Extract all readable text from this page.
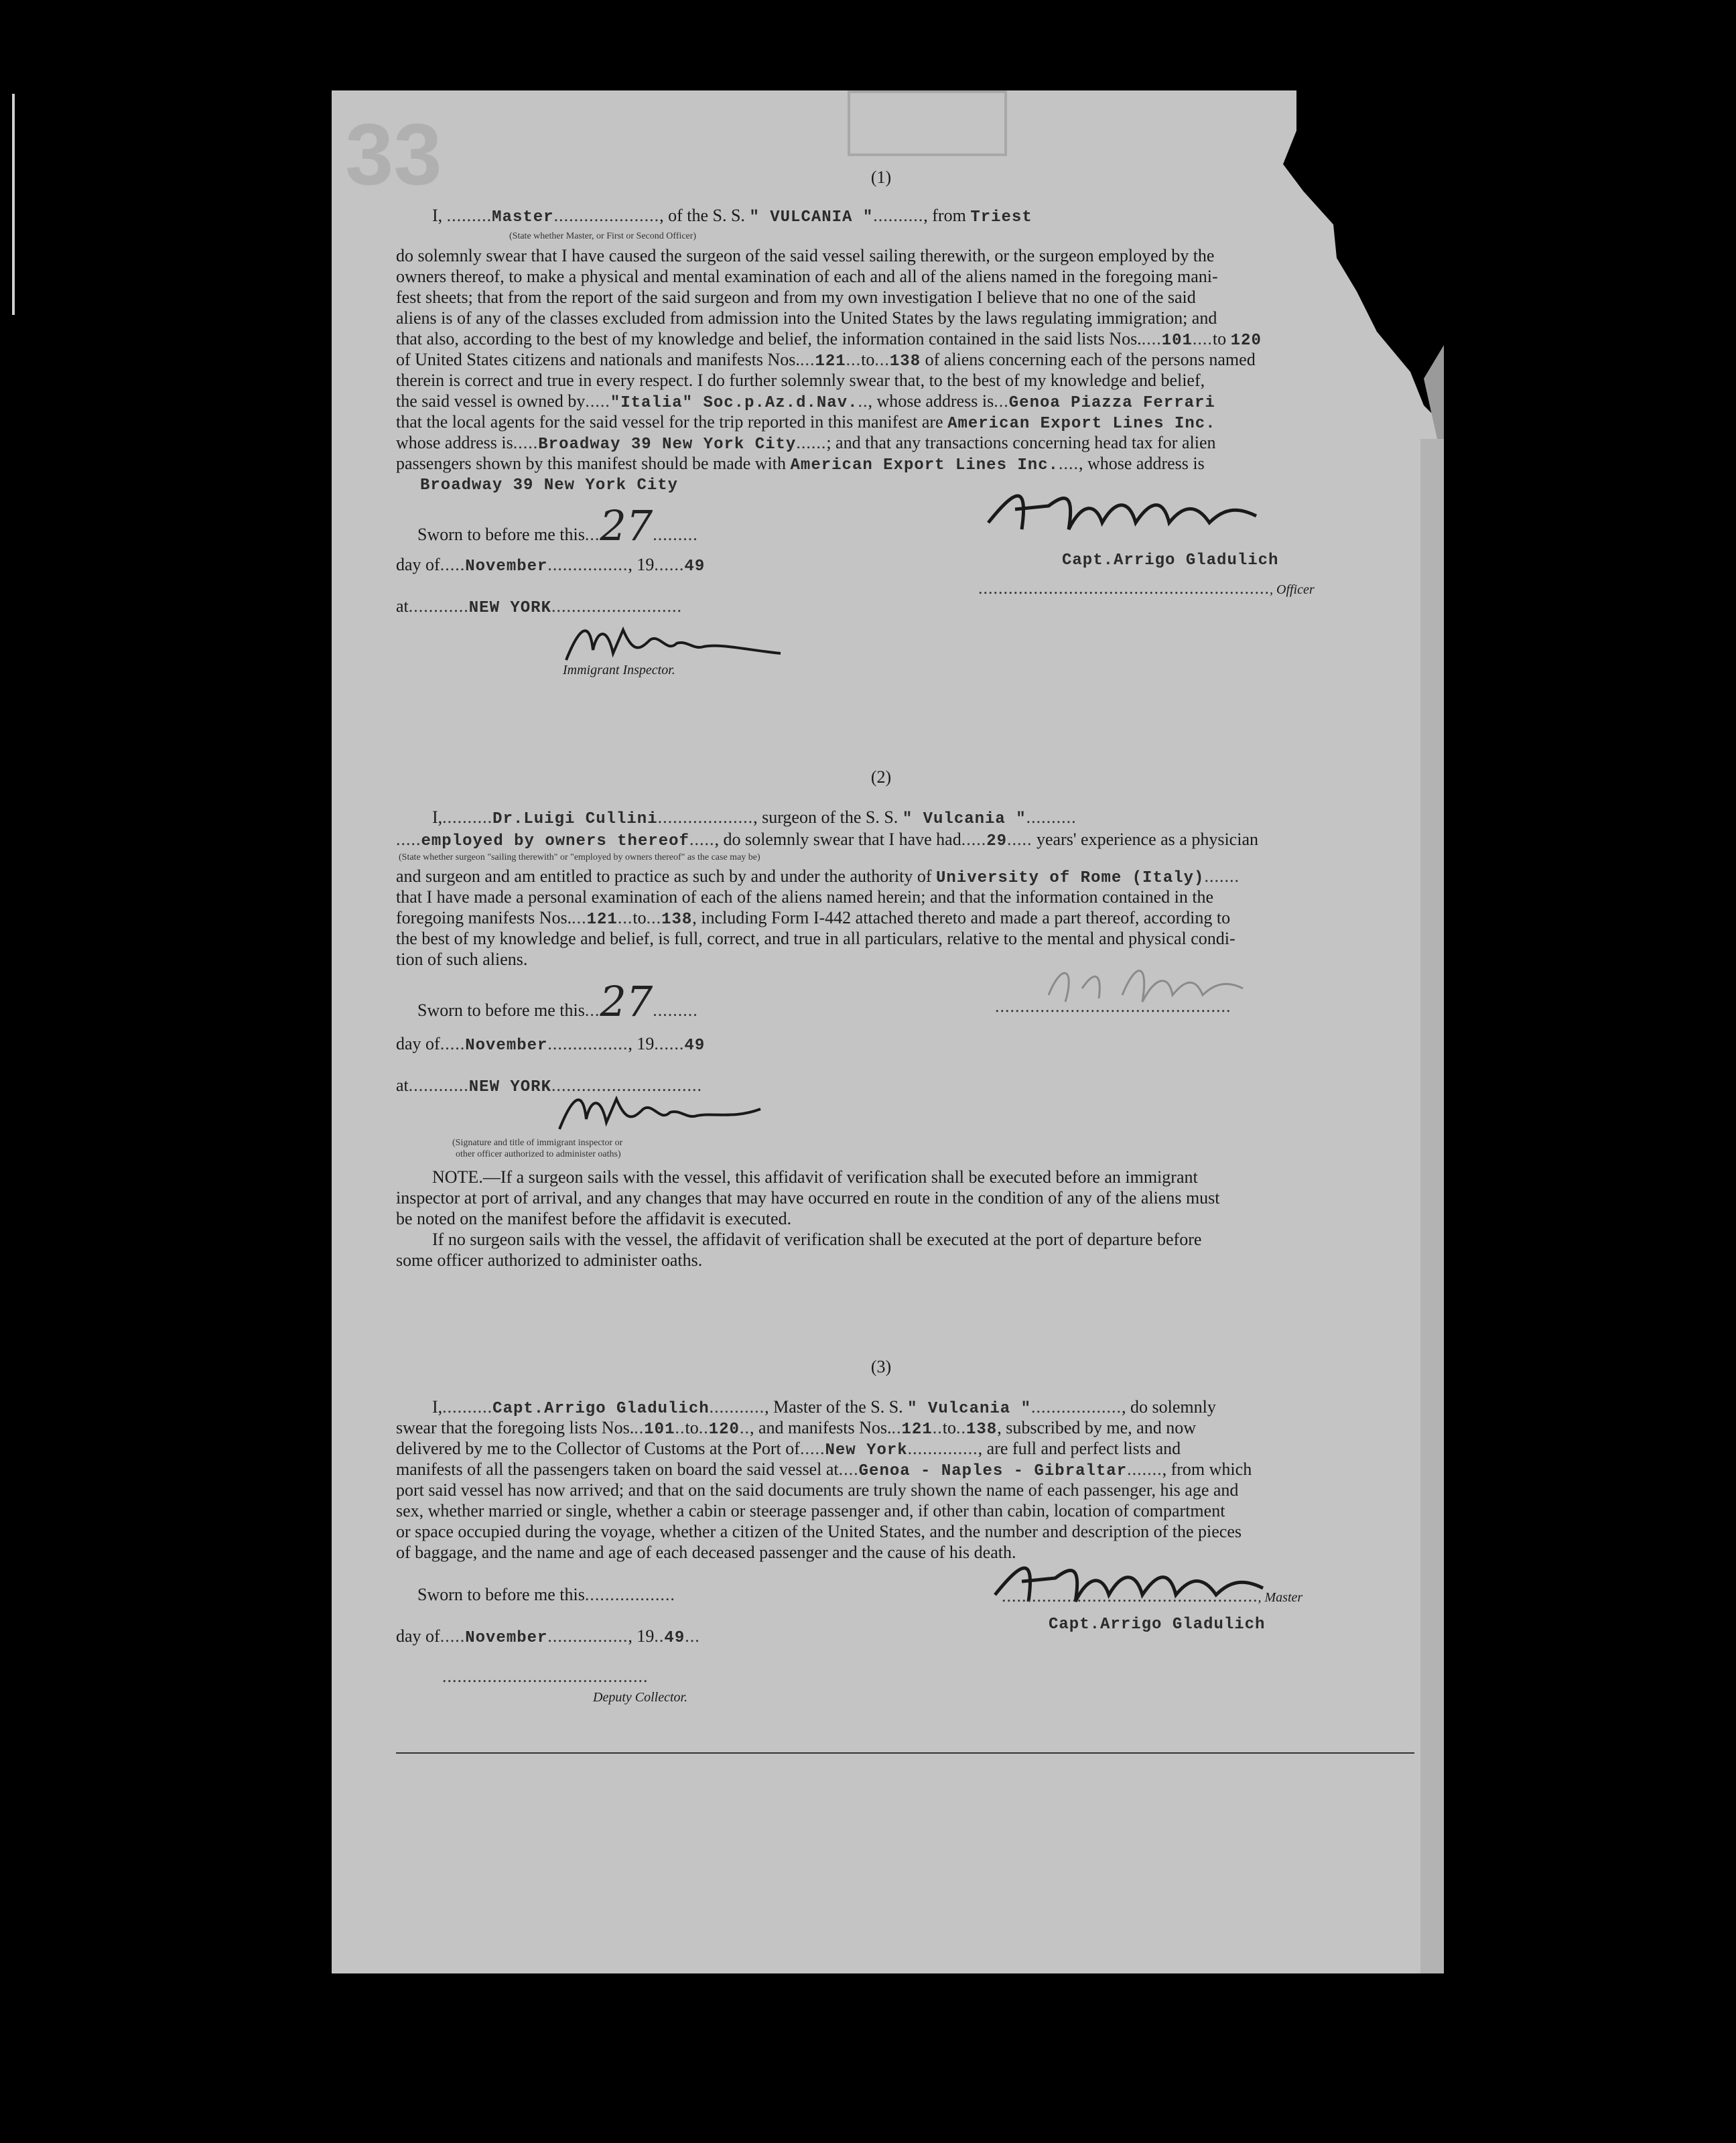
33	(1)
I, .........Master....................., of the S. S. " VULCANIA ".........., from Triest
(State whether Master, or First or Second Officer)
do solemnly swear that I have caused the surgeon of the said vessel sailing therewith, or the surgeon employed by the
owners thereof, to make a physical and mental examination of each and all of the aliens named in the foregoing mani-
fest sheets; that from the report of the said surgeon and from my own investigation I believe that no one of the said
aliens is of any of the classes excluded from admission into the United States by the laws regulating immigration; and
that also, according to the best of my knowledge and belief, the information contained in the said lists Nos.....101....to 120
of United States citizens and nationals and manifests Nos....121...to...138 of aliens concerning each of the persons named
therein is correct and true in every respect. I do further solemnly swear that, to the best of my knowledge and belief,
the said vessel is owned by....."Italia" Soc.p.Az.d.Nav..., whose address is...Genoa Piazza Ferrari
that the local agents for the said vessel for the trip reported in this manifest are American Export Lines Inc.
whose address is.....Broadway 39 New York City......; and that any transactions concerning head tax for alien
passengers shown by this manifest should be made with American Export Lines Inc....., whose address is
Broadway 39 New York City
Sworn to before me this...27.........
day of.....November................, 19......49
at............NEW YORK..........................
Immigrant Inspector.
Capt.Arrigo Gladulich
.........................................................., Officer
(2)
I,..........Dr.Luigi Cullini..................., surgeon of the S. S. " Vulcania "..........
.....employed by owners thereof....., do solemnly swear that I have had.....29..... years' experience as a physician
(State whether surgeon "sailing therewith" or "employed by owners thereof" as the case may be)
and surgeon and am entitled to practice as such by and under the authority of University of Rome (Italy).......
that I have made a personal examination of each of the aliens named herein; and that the information contained in the
foregoing manifests Nos....121...to...138, including Form I-442 attached thereto and made a part thereof, according to
the best of my knowledge and belief, is full, correct, and true in all particulars, relative to the mental and physical condi-
tion of such aliens.
Sworn to before me this...27.........	...............................................
day of.....November................, 19......49
at............NEW YORK..............................
(Signature and title of immigrant inspector or
other officer authorized to administer oaths)
NOTE.—If a surgeon sails with the vessel, this affidavit of verification shall be executed before an immigrant
inspector at port of arrival, and any changes that may have occurred en route in the condition of any of the aliens must
be noted on the manifest before the affidavit is executed.
If no surgeon sails with the vessel, the affidavit of verification shall be executed at the port of departure before
some officer authorized to administer oaths.
(3)
I,..........Capt.Arrigo Gladulich..........., Master of the S. S. " Vulcania ".................., do solemnly
swear that the foregoing lists Nos...101..to..120.., and manifests Nos...121..to..138, subscribed by me, and now
delivered by me to the Collector of Customs at the Port of.....New York.............., are full and perfect lists and
manifests of all the passengers taken on board the said vessel at....Genoa - Naples - Gibraltar......., from which
port said vessel has now arrived; and that on the said documents are truly shown the name of each passenger, his age and
sex, whether married or single, whether a cabin or steerage passenger and, if other than cabin, location of compartment
or space occupied during the voyage, whether a citizen of the United States, and the number and description of the pieces
of baggage, and the name and age of each deceased passenger and the cause of his death.
Sworn to before me this..................	..................................................., Master
Capt.Arrigo Gladulich
day of.....November................, 19..49...
.........................................
Deputy Collector.
